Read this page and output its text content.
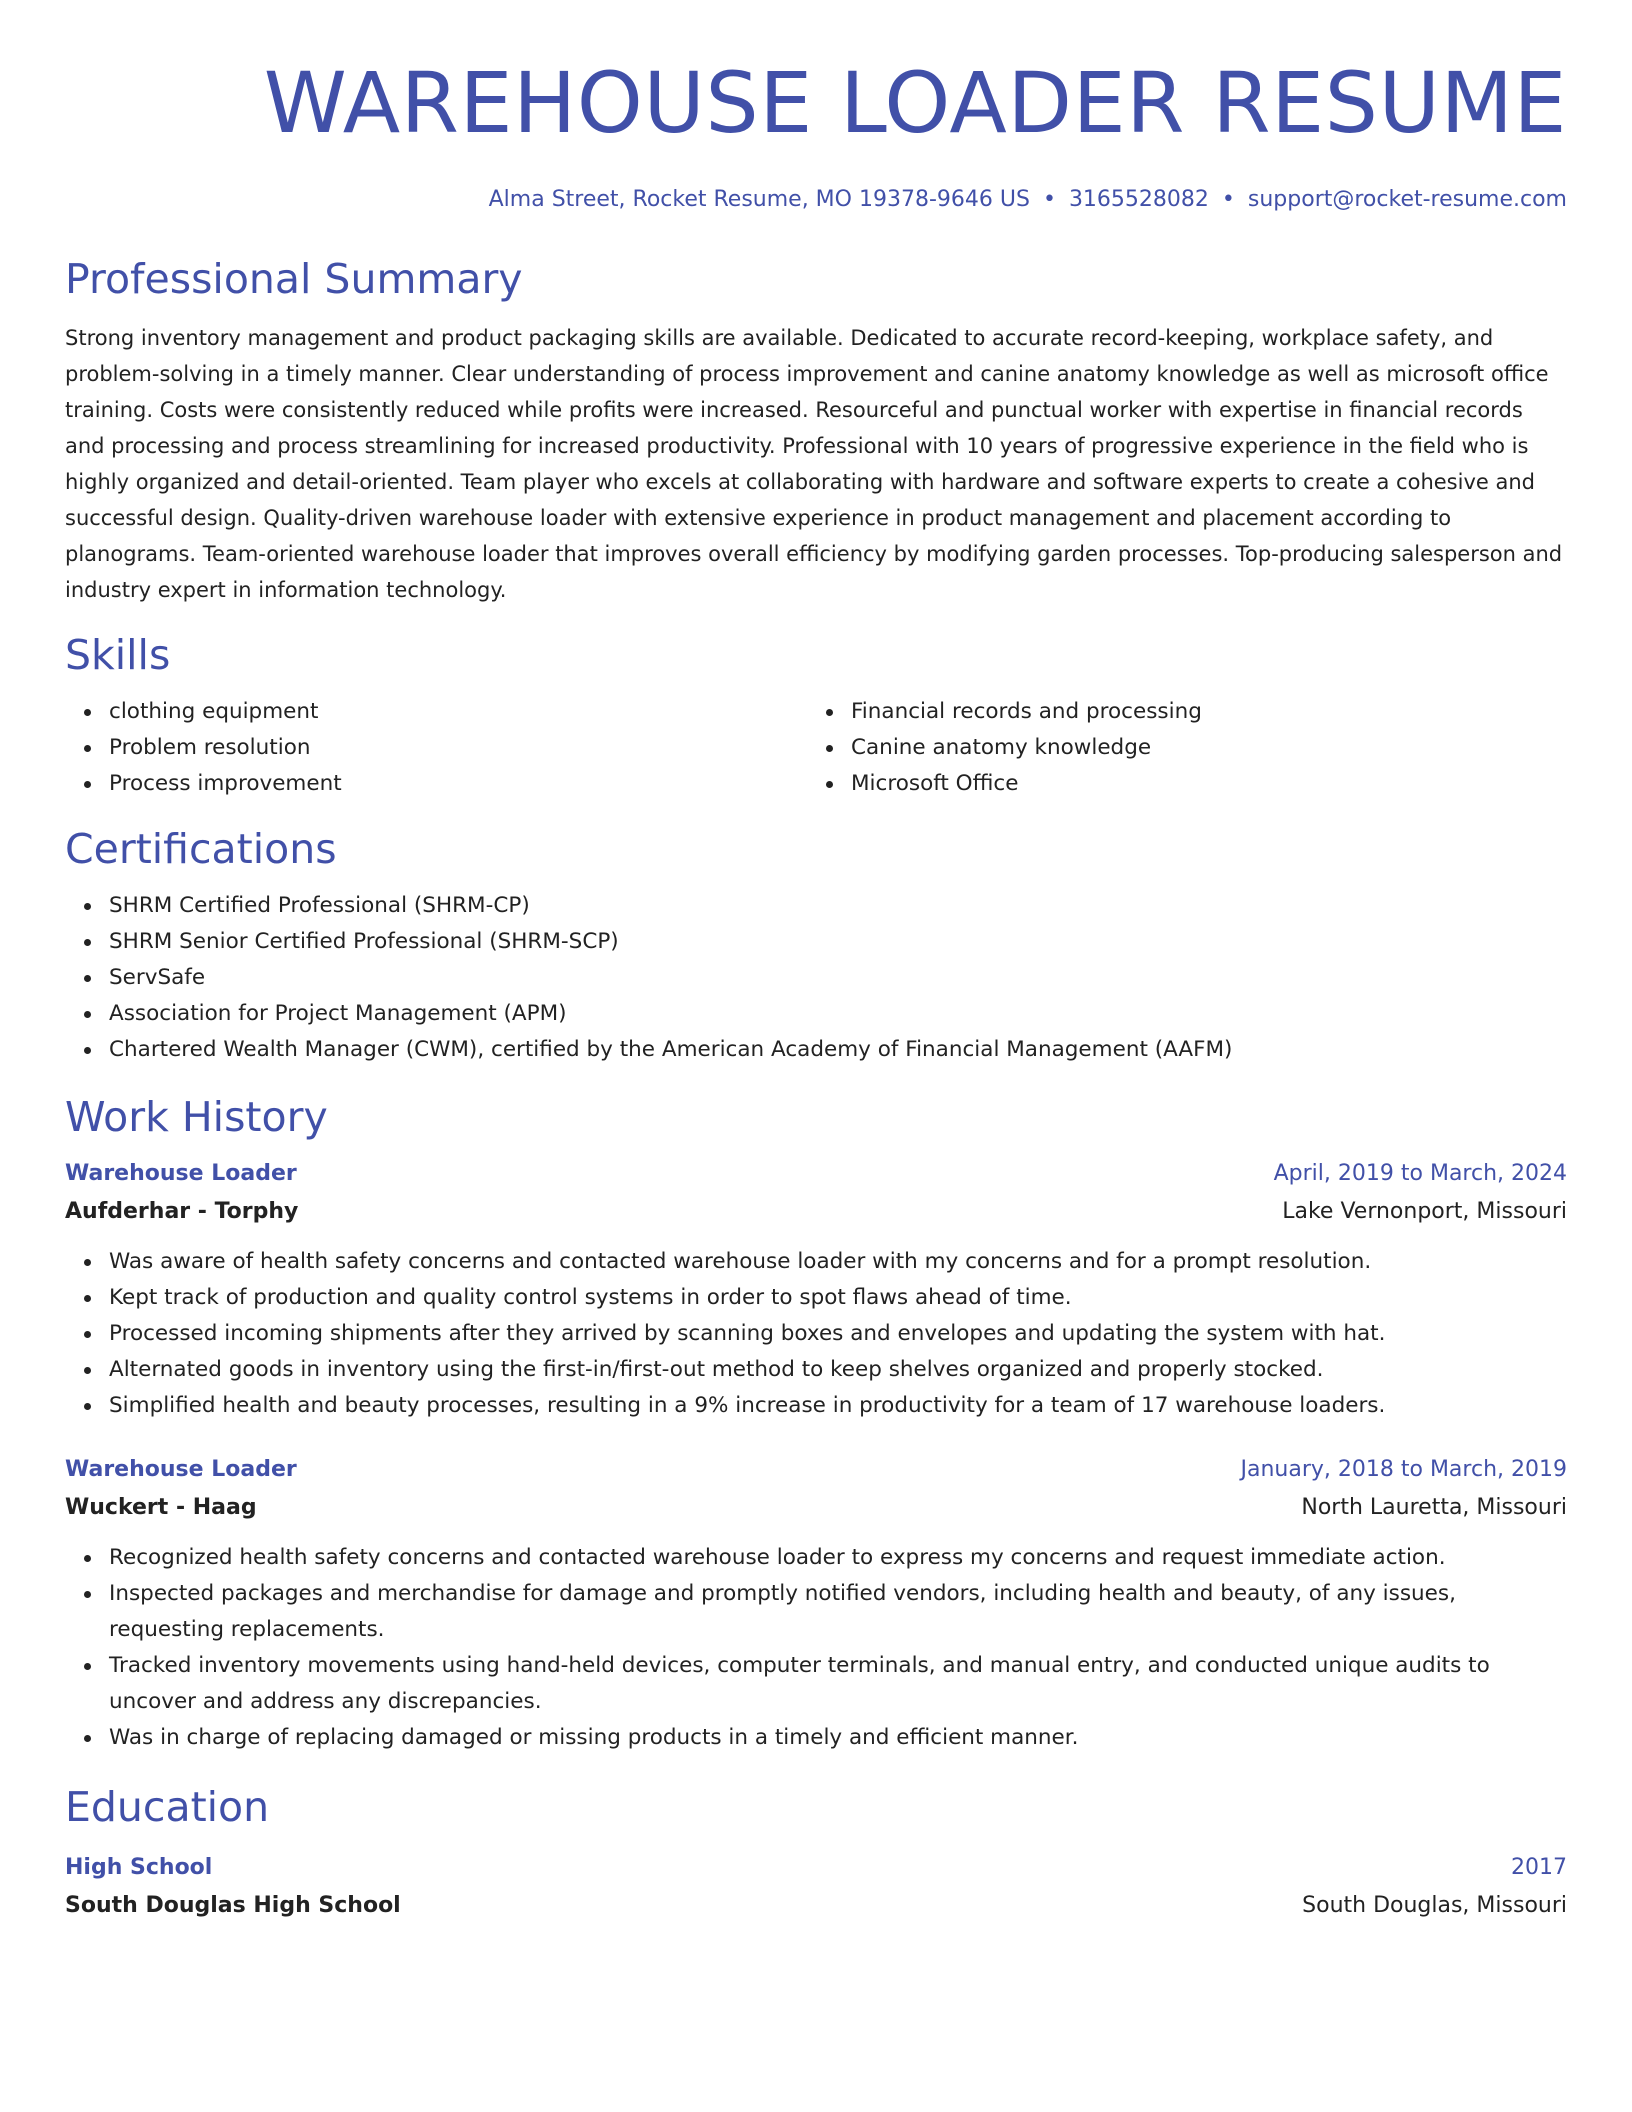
WAREHOUSE LOADER RESUME
Alma Street, Rocket Resume, MO 19378-9646 US • 3165528082 • support@rocket-resume.com
Professional Summary

Strong inventory management and product packaging skills are available. Dedicated to accurate record-keeping, workplace safety, and problem-solving in a timely manner. Clear understanding of process improvement and canine anatomy knowledge as well as microsoft office training. Costs were consistently reduced while profits were increased. Resourceful and punctual worker with expertise in financial records and processing and process streamlining for increased productivity. Professional with 10 years of progressive experience in the field who is highly organized and detail-oriented. Team player who excels at collaborating with hardware and software experts to create a cohesive and successful design. Quality-driven warehouse loader with extensive experience in product management and placement according to planograms. Team-oriented warehouse loader that improves overall efficiency by modifying garden processes. Top-producing salesperson and industry expert in information technology.

Skills
clothing equipment
Problem resolution
Process improvement
Financial records and processing
Canine anatomy knowledge
Microsoft Office
Certifications
SHRM Certified Professional (SHRM-CP)
SHRM Senior Certified Professional (SHRM-SCP)
ServSafe
Association for Project Management (APM)
Chartered Wealth Manager (CWM), certified by the American Academy of Financial Management (AAFM)
Work History
Warehouse Loader	April, 2019 to March, 2024
Aufderhar - Torphy	Lake Vernonport, Missouri
Was aware of health safety concerns and contacted warehouse loader with my concerns and for a prompt resolution.
Kept track of production and quality control systems in order to spot flaws ahead of time.
Processed incoming shipments after they arrived by scanning boxes and envelopes and updating the system with hat.
Alternated goods in inventory using the first-in/first-out method to keep shelves organized and properly stocked.
Simplified health and beauty processes, resulting in a 9% increase in productivity for a team of 17 warehouse loaders.
Warehouse Loader	January, 2018 to March, 2019
Wuckert - Haag	North Lauretta, Missouri
Recognized health safety concerns and contacted warehouse loader to express my concerns and request immediate action.
Inspected packages and merchandise for damage and promptly notified vendors, including health and beauty, of any issues, requesting replacements.
Tracked inventory movements using hand-held devices, computer terminals, and manual entry, and conducted unique audits to uncover and address any discrepancies.
Was in charge of replacing damaged or missing products in a timely and efficient manner.
Education
High School	2017
South Douglas High School	South Douglas, Missouri
